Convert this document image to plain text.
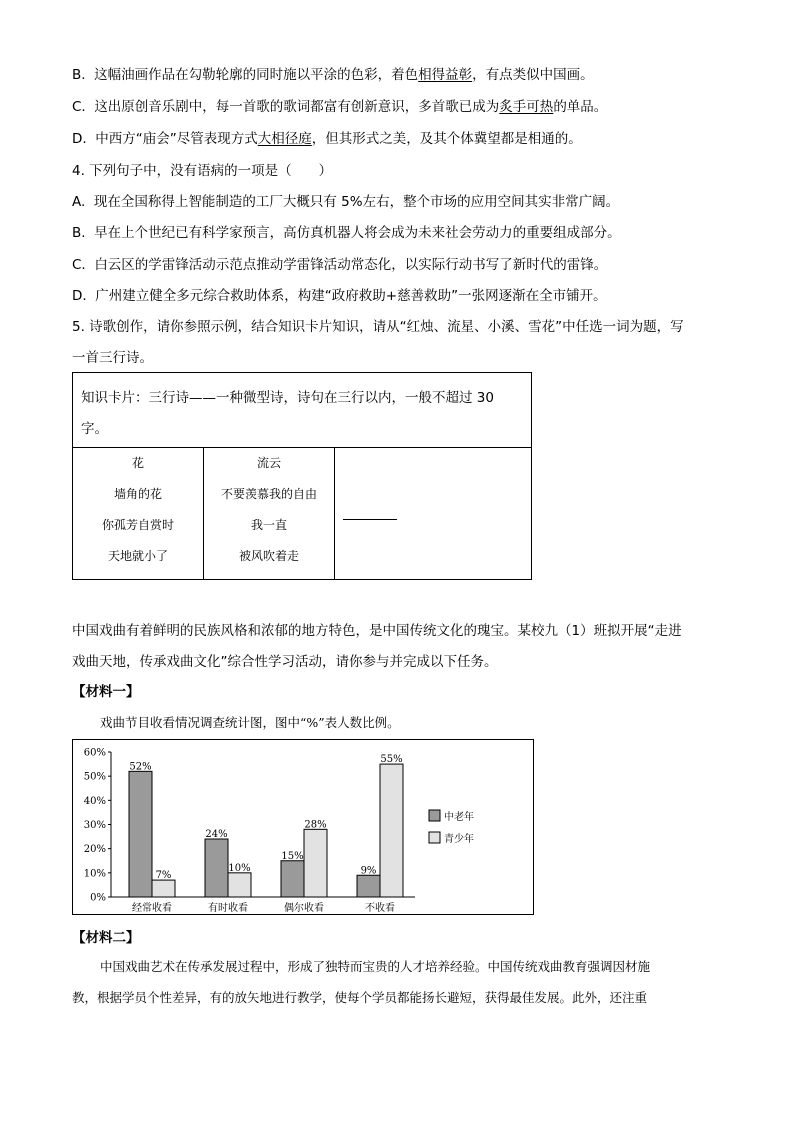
B. 这幅油画作品在勾勒轮廓的同时施以平涂的色彩，着色相得益彰，有点类似中国画。
C. 这出原创音乐剧中，每一首歌的歌词都富有创新意识，多首歌已成为炙手可热的单品。
D. 中西方“庙会”尽管表现方式大相径庭，但其形式之美，及其个体冀望都是相通的。
4. 下列句子中，没有语病的一项是（　　）
A. 现在全国称得上智能制造的工厂大概只有 5%左右，整个市场的应用空间其实非常广阔。
B. 早在上个世纪已有科学家预言，高仿真机器人将会成为未来社会劳动力的重要组成部分。
C. 白云区的学雷锋活动示范点推动学雷锋活动常态化，以实际行动书写了新时代的雷锋。
D. 广州建立健全多元综合救助体系，构建“政府救助+慈善救助”一张网逐渐在全市铺开。
5. 诗歌创作，请你参照示例，结合知识卡片知识，请从“红烛、流星、小溪、雪花”中任选一词为题，写
一首三行诗。
知识卡片：三行诗——一种微型诗，诗句在三行以内，一般不超过 30 字。
花
墙角的花
你孤芳自赏时
天地就小了
流云
不要羡慕我的自由
我一直
被风吹着走
中国戏曲有着鲜明的民族风格和浓郁的地方特色，是中国传统文化的瑰宝。某校九（1）班拟开展“走进
戏曲天地，传承戏曲文化”综合性学习活动，请你参与并完成以下任务。
【材料一】
戏曲节目收看情况调查统计图，图中“%”表人数比例。
0%
10%
20%
30%
40%
50%
60%
52%
7%
经常收看
24%
10%
有时收看
15%
28%
偶尔收看
9%
55%
不收看
中老年
青少年
【材料二】
中国戏曲艺术在传承发展过程中，形成了独特而宝贵的人才培养经验。中国传统戏曲教育强调因材施
教，根据学员个性差异，有的放矢地进行教学，使每个学员都能扬长避短，获得最佳发展。此外，还注重
